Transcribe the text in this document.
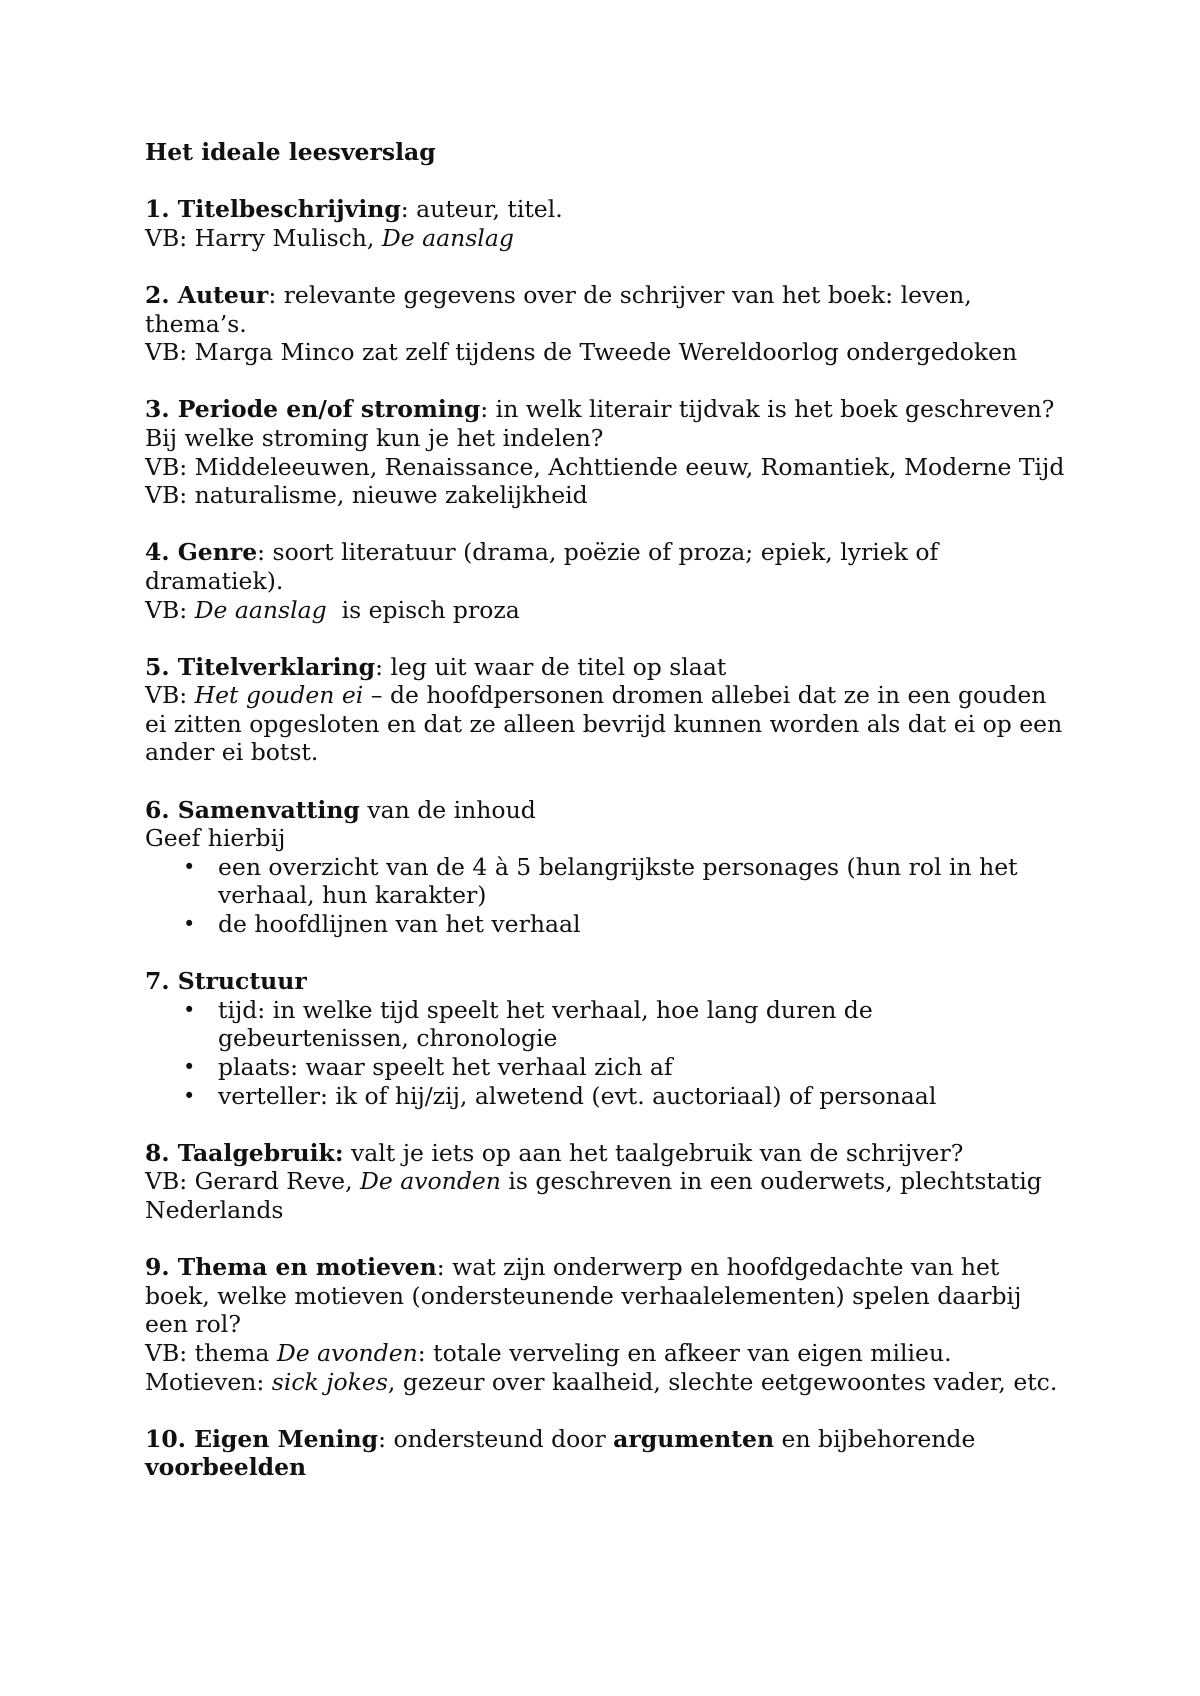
Het ideale leesverslag
1. Titelbeschrijving: auteur, titel.
VB: Harry Mulisch, De aanslag
2. Auteur: relevante gegevens over de schrijver van het boek: leven, thema’s.
VB: Marga Minco zat zelf tijdens de Tweede Wereldoorlog ondergedoken
3. Periode en/of stroming: in welk literair tijdvak is het boek geschreven? Bij welke stroming kun je het indelen?
VB: Middeleeuwen, Renaissance, Achttiende eeuw, Romantiek, Moderne Tijd
VB: naturalisme, nieuwe zakelijkheid
4. Genre: soort literatuur (drama, poëzie of proza; epiek, lyriek of dramatiek).
VB: De aanslag  is episch proza
5. Titelverklaring: leg uit waar de titel op slaat
VB: Het gouden ei – de hoofdpersonen dromen allebei dat ze in een gouden ei zitten opgesloten en dat ze alleen bevrijd kunnen worden als dat ei op een ander ei botst.
6. Samenvatting van de inhoud
Geef hierbij
• een overzicht van de 4 à 5 belangrijkste personages (hun rol in het verhaal, hun karakter)
• de hoofdlijnen van het verhaal
7. Structuur
• tijd: in welke tijd speelt het verhaal, hoe lang duren de gebeurtenissen, chronologie
• plaats: waar speelt het verhaal zich af
• verteller: ik of hij/zij, alwetend (evt. auctoriaal) of personaal
8. Taalgebruik: valt je iets op aan het taalgebruik van de schrijver?
VB: Gerard Reve, De avonden is geschreven in een ouderwets, plechtstatig Nederlands
9. Thema en motieven: wat zijn onderwerp en hoofdgedachte van het boek, welke motieven (ondersteunende verhaalelementen) spelen daarbij een rol?
VB: thema De avonden: totale verveling en afkeer van eigen milieu.
Motieven: sick jokes, gezeur over kaalheid, slechte eetgewoontes vader, etc.
10. Eigen Mening: ondersteund door argumenten en bijbehorende voorbeelden
